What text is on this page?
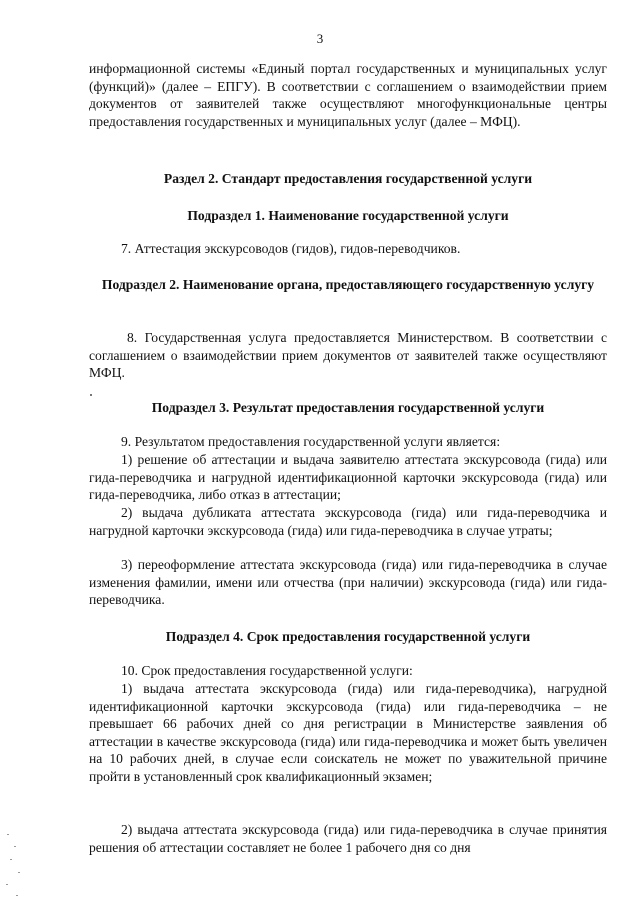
3

информационной системы «Единый портал государственных и муниципальных услуг (функций)» (далее – ЕПГУ). В соответствии с соглашением о взаимодействии прием документов от заявителей также осуществляют многофункциональные центры предоставления государственных и муниципальных услуг (далее – МФЦ).

Раздел 2. Стандарт предоставления государственной услуги

Подраздел 1. Наименование государственной услуги

7. Аттестация экскурсоводов (гидов), гидов-переводчиков.

Подраздел 2. Наименование органа, предоставляющего государственную услугу

8. Государственная услуга предоставляется Министерством. В соответствии с соглашением о взаимодействии прием документов от заявителей также осуществляют МФЦ.

Подраздел 3. Результат предоставления государственной услуги

9. Результатом предоставления государственной услуги является:

1) решение об аттестации и выдача заявителю аттестата экскурсовода (гида) или гида-переводчика и нагрудной идентификационной карточки экскурсовода (гида) или гида-переводчика, либо отказ в аттестации;

2) выдача дубликата аттестата экскурсовода (гида) или гида-переводчика и нагрудной карточки экскурсовода (гида) или гида-переводчика в случае утраты;

3) переоформление аттестата экскурсовода (гида) или гида-переводчика в случае изменения фамилии, имени или отчества (при наличии) экскурсовода (гида) или гида-переводчика.

Подраздел 4. Срок предоставления государственной услуги

10. Срок предоставления государственной услуги:

1) выдача аттестата экскурсовода (гида) или гида-переводчика), нагрудной идентификационной карточки экскурсовода (гида) или гида-переводчика – не превышает 66 рабочих дней со дня регистрации в Министерстве заявления об аттестации в качестве экскурсовода (гида) или гида-переводчика и может быть увеличен на 10 рабочих дней, в случае если соискатель не может по уважительной причине пройти в установленный срок квалификационный экзамен;

2) выдача аттестата экскурсовода (гида) или гида-переводчика в случае принятия решения об аттестации составляет не более 1 рабочего дня со дня
